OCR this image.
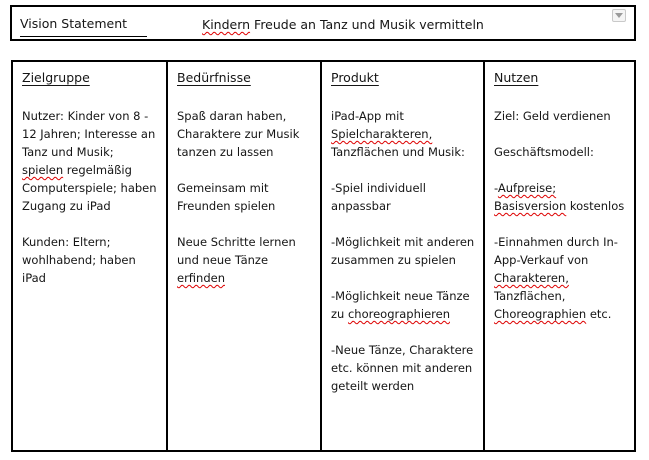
Vision Statement	Kindern Freude an Tanz und Musik vermitteln
Zielgruppe

Nutzer: Kinder von 8 - 12 Jahren; Interesse an Tanz und Musik; spielen regelmäßig Computerspiele; haben Zugang zu iPad

Kunden: Eltern; wohlhabend; haben iPad

Bedürfnisse

Spaß daran haben, Charaktere zur Musik tanzen zu lassen

Gemeinsam mit Freunden spielen

Neue Schritte lernen und neue Tänze erfinden

Produkt

iPad-App mit Spielcharakteren, Tanzflächen und Musik:

-Spiel individuell anpassbar

-Möglichkeit mit anderen zusammen zu spielen

-Möglichkeit neue Tänze zu choreographieren

-Neue Tänze, Charaktere etc. können mit anderen geteilt werden

Nutzen

Ziel: Geld verdienen

Geschäftsmodell:

-Aufpreise; Basisversion kostenlos

-Einnahmen durch In-App-Verkauf von Charakteren, Tanzflächen, Choreographien etc.
